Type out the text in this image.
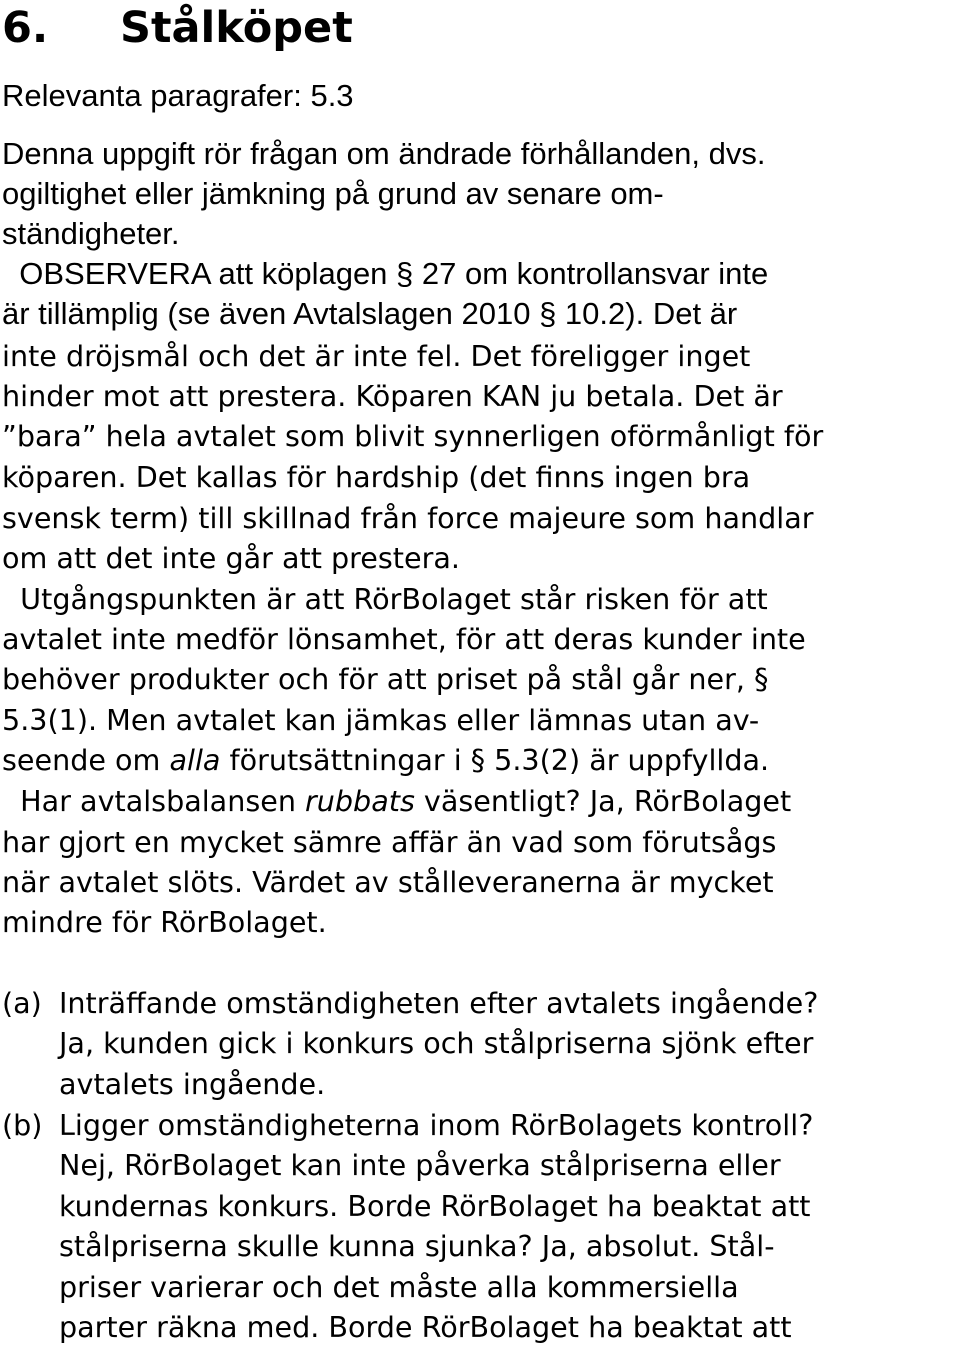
6. Stålköpet
Relevanta paragrafer: 5.3
Denna uppgift rör frågan om ändrade förhållanden, dvs.
ogiltighet eller jämkning på grund av senare om-
ständigheter.
OBSERVERA att köplagen § 27 om kontrollansvar inte
är tillämplig (se även Avtalslagen 2010 § 10.2). Det är
inte dröjsmål och det är inte fel. Det föreligger inget
hinder mot att prestera. Köparen KAN ju betala. Det är
”bara” hela avtalet som blivit synnerligen oförmånligt för
köparen. Det kallas för hardship (det finns ingen bra
svensk term) till skillnad från force majeure som handlar
om att det inte går att prestera.
Utgångspunkten är att RörBolaget står risken för att
avtalet inte medför lönsamhet, för att deras kunder inte
behöver produkter och för att priset på stål går ner, §
5.3(1). Men avtalet kan jämkas eller lämnas utan av-
seende om alla förutsättningar i § 5.3(2) är uppfyllda.
Har avtalsbalansen rubbats väsentligt? Ja, RörBolaget
har gjort en mycket sämre affär än vad som förutsågs
när avtalet slöts. Värdet av stålleveranerna är mycket
mindre för RörBolaget.
(a) Inträffande omständigheten efter avtalets ingående?
Ja, kunden gick i konkurs och stålpriserna sjönk efter
avtalets ingående.
(b) Ligger omständigheterna inom RörBolagets kontroll?
Nej, RörBolaget kan inte påverka stålpriserna eller
kundernas konkurs. Borde RörBolaget ha beaktat att
stålpriserna skulle kunna sjunka? Ja, absolut. Stål-
priser varierar och det måste alla kommersiella
parter räkna med. Borde RörBolaget ha beaktat att
